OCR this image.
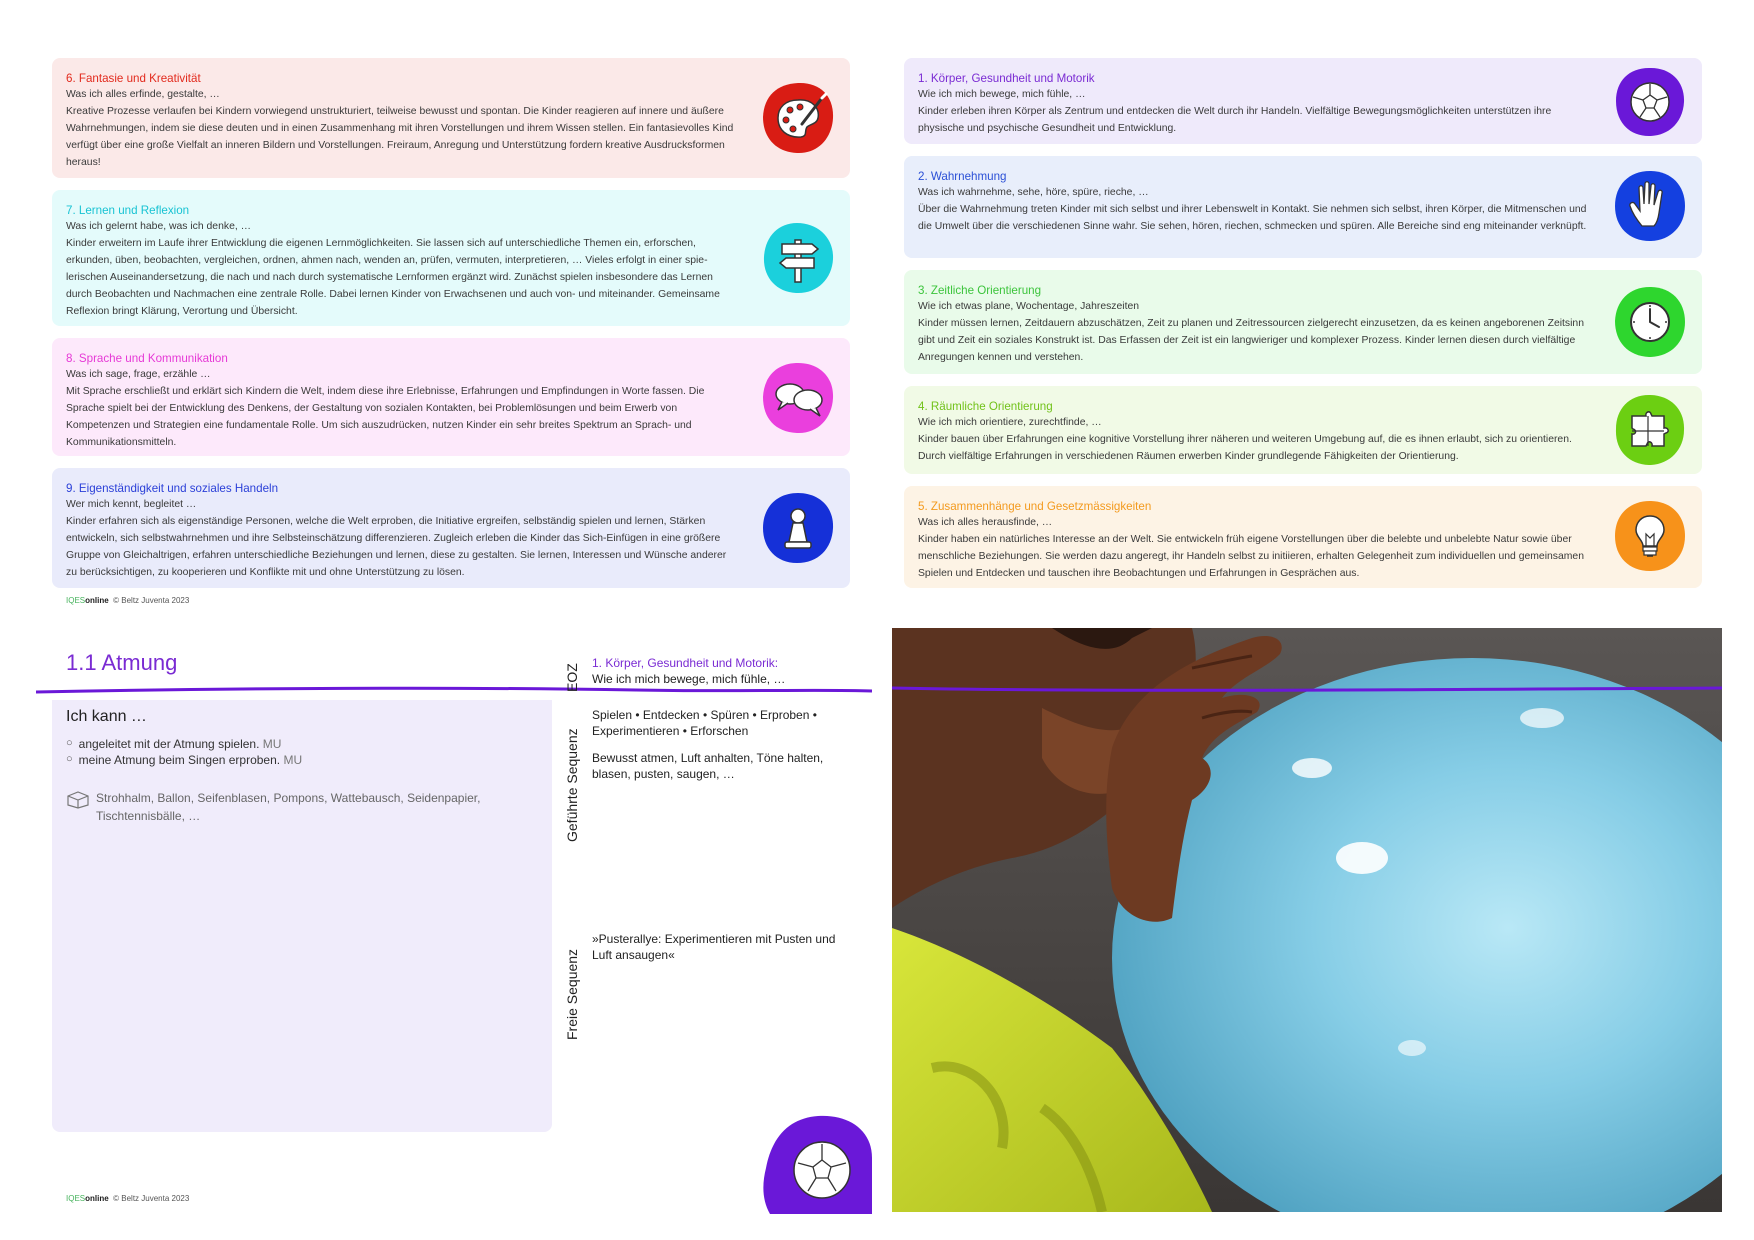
6. Fantasie und Kreativität
Was ich alles erfinde, gestalte, …
Kreative Prozesse verlaufen bei Kindern vorwiegend unstrukturiert, teilweise bewusst und spontan. Die Kinder reagieren auf innere und äußere Wahrnehmungen, indem sie diese deuten und in einen Zusammenhang mit ihren Vorstellungen und ihrem Wissen stellen. Ein fantasievolles Kind verfügt über eine große Vielfalt an inneren Bildern und Vorstellungen. Freiraum, Anregung und Unterstützung fordern kreative Ausdrucksformen heraus!
7. Lernen und Reflexion
Was ich gelernt habe, was ich denke, …
Kinder erweitern im Laufe ihrer Entwicklung die eigenen Lernmöglichkeiten. Sie lassen sich auf unterschiedliche Themen ein, erforschen, erkunden, üben, beobachten, vergleichen, ordnen, ahmen nach, wenden an, prüfen, vermuten, interpretieren, … Vieles erfolgt in einer spie-lerischen Auseinandersetzung, die nach und nach durch systematische Lernformen ergänzt wird. Zunächst spielen insbesondere das Lernen durch Beobachten und Nachmachen eine zentrale Rolle. Dabei lernen Kinder von Erwachsenen und auch von- und miteinander. Gemeinsame Reflexion bringt Klärung, Verortung und Übersicht.
8. Sprache und Kommunikation
Was ich sage, frage, erzähle …
Mit Sprache erschließt und erklärt sich Kindern die Welt, indem diese ihre Erlebnisse, Erfahrungen und Empfindungen in Worte fassen. Die Sprache spielt bei der Entwicklung des Denkens, der Gestaltung von sozialen Kontakten, bei Problemlösungen und beim Erwerb von Kompetenzen und Strategien eine fundamentale Rolle. Um sich auszudrücken, nutzen Kinder ein sehr breites Spektrum an Sprach- und Kommunikationsmitteln.
9. Eigenständigkeit und soziales Handeln
Wer mich kennt, begleitet …
Kinder erfahren sich als eigenständige Personen, welche die Welt erproben, die Initiative ergreifen, selbständig spielen und lernen, Stärken entwickeln, sich selbstwahrnehmen und ihre Selbsteinschätzung differenzieren. Zugleich erleben die Kinder das Sich-Einfügen in eine größere Gruppe von Gleichaltrigen, erfahren unterschiedliche Beziehungen und lernen, diese zu gestalten. Sie lernen, Interessen und Wünsche anderer zu berücksichtigen, zu kooperieren und Konflikte mit und ohne Unterstützung zu lösen.
IQESonline © Beltz Juventa 2023
1. Körper, Gesundheit und Motorik
Wie ich mich bewege, mich fühle, …
Kinder erleben ihren Körper als Zentrum und entdecken die Welt durch ihr Handeln. Vielfältige Bewegungsmöglichkeiten unterstützen ihre physische und psychische Gesundheit und Entwicklung.
2. Wahrnehmung
Was ich wahrnehme, sehe, höre, spüre, rieche, …
Über die Wahrnehmung treten Kinder mit sich selbst und ihrer Lebenswelt in Kontakt. Sie nehmen sich selbst, ihren Körper, die Mitmenschen und die Umwelt über die verschiedenen Sinne wahr. Sie sehen, hören, riechen, schmecken und spüren. Alle Bereiche sind eng miteinander verknüpft.
3. Zeitliche Orientierung
Wie ich etwas plane, Wochentage, Jahreszeiten
Kinder müssen lernen, Zeitdauern abzuschätzen, Zeit zu planen und Zeitressourcen zielgerecht einzusetzen, da es keinen angeborenen Zeitsinn gibt und Zeit ein soziales Konstrukt ist. Das Erfassen der Zeit ist ein langwieriger und komplexer Prozess. Kinder lernen diesen durch vielfältige Anregungen kennen und verstehen.
4. Räumliche Orientierung
Wie ich mich orientiere, zurechtfinde, …
Kinder bauen über Erfahrungen eine kognitive Vorstellung ihrer näheren und weiteren Umgebung auf, die es ihnen erlaubt, sich zu orientieren. Durch vielfältige Erfahrungen in verschiedenen Räumen erwerben Kinder grundlegende Fähigkeiten der Orientierung.
5. Zusammenhänge und Gesetzmässigkeiten
Was ich alles herausfinde, …
Kinder haben ein natürliches Interesse an der Welt. Sie entwickeln früh eigene Vorstellungen über die belebte und unbelebte Natur sowie über menschliche Beziehungen. Sie werden dazu angeregt, ihr Handeln selbst zu initiieren, erhalten Gelegenheit zum individuellen und gemeinsamen Spielen und Entdecken und tauschen ihre Beobachtungen und Erfahrungen in Gesprächen aus.
1.1 Atmung
Ich kann …
○ angeleitet mit der Atmung spielen. MU
○ meine Atmung beim Singen erproben. MU
Strohhalm, Ballon, Seifenblasen, Pompons, Wattebausch, Seidenpapier, Tischtennisbälle, …
EOZ
Geführte Sequenz
Freie Sequenz
1. Körper, Gesundheit und Motorik:
Wie ich mich bewege, mich fühle, …
Spielen • Entdecken • Spüren • Erproben • Experimentieren • Erforschen
Bewusst atmen, Luft anhalten, Töne halten, blasen, pusten, saugen, …
»Pusterallye: Experimentieren mit Pusten und Luft ansaugen«
IQESonline © Beltz Juventa 2023
